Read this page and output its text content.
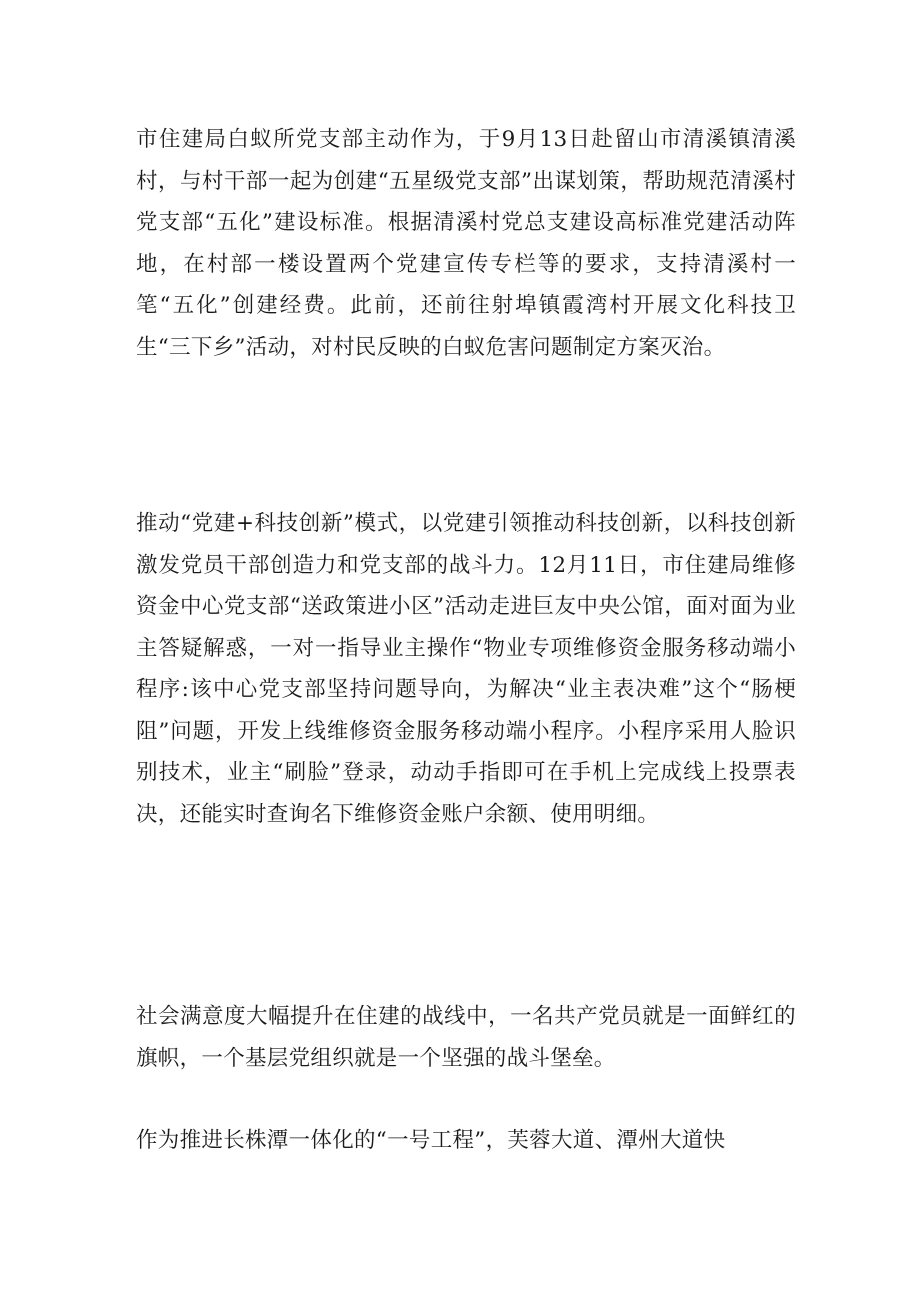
市住建局白蚁所党支部主动作为，于9月13日赴留山市清溪镇清溪村，与村干部一起为创建“五星级党支部”出谋划策，帮助规范清溪村党支部“五化”建设标准。根据清溪村党总支建设高标准党建活动阵地，在村部一楼设置两个党建宣传专栏等的要求，支持清溪村一笔“五化”创建经费。此前，还前往射埠镇霞湾村开展文化科技卫生“三下乡”活动，对村民反映的白蚁危害问题制定方案灭治。

推动“党建+科技创新”模式，以党建引领推动科技创新，以科技创新激发党员干部创造力和党支部的战斗力。12月11日，市住建局维修资金中心党支部“送政策进小区”活动走进巨友中央公馆，面对面为业主答疑解惑，一对一指导业主操作“物业专项维修资金服务移动端小程序:该中心党支部坚持问题导向，为解决“业主表决难”这个“肠梗阻”问题，开发上线维修资金服务移动端小程序。小程序采用人脸识别技术，业主“刷脸”登录，动动手指即可在手机上完成线上投票表决，还能实时查询名下维修资金账户余额、使用明细。

社会满意度大幅提升在住建的战线中，一名共产党员就是一面鲜红的旗帜，一个基层党组织就是一个坚强的战斗堡垒。

作为推进长株潭一体化的“一号工程”，芙蓉大道、潭州大道快
